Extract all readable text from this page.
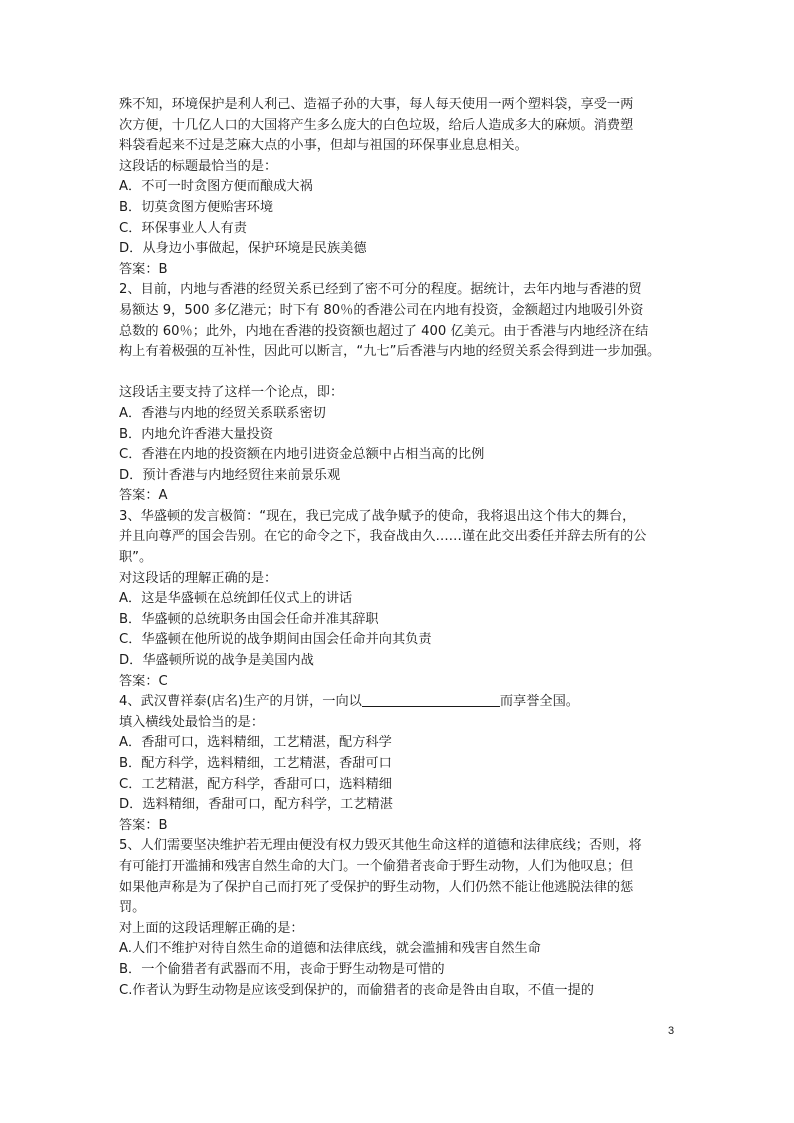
殊不知，环境保护是利人利己、造福子孙的大事，每人每天使用一两个塑料袋，享受一两
次方便，十几亿人口的大国将产生多么庞大的白色垃圾，给后人造成多大的麻烦。消费塑
料袋看起来不过是芝麻大点的小事，但却与祖国的环保事业息息相关。
这段话的标题最恰当的是：
A．不可一时贪图方便而酿成大祸
B．切莫贪图方便贻害环境
C．环保事业人人有责
D．从身边小事做起，保护环境是民族美德
答案：B
2、目前，内地与香港的经贸关系已经到了密不可分的程度。据统计，去年内地与香港的贸
易额达 9，500 多亿港元；时下有 80％的香港公司在内地有投资，金额超过内地吸引外资
总数的 60％；此外，内地在香港的投资额也超过了 400 亿美元。由于香港与内地经济在结
构上有着极强的互补性，因此可以断言，“九七”后香港与内地的经贸关系会得到进一步加强。
这段话主要支持了这样一个论点，即：
A．香港与内地的经贸关系联系密切
B．内地允许香港大量投资
C．香港在内地的投资额在内地引进资金总额中占相当高的比例
D．预计香港与内地经贸往来前景乐观
答案：A
3、华盛顿的发言极简：“现在，我已完成了战争赋予的使命，我将退出这个伟大的舞台，
并且向尊严的国会告别。在它的命令之下，我奋战由久……谨在此交出委任并辞去所有的公
职”。
对这段话的理解正确的是：
A．这是华盛顿在总统卸任仪式上的讲话
B．华盛顿的总统职务由国会任命并准其辞职
C．华盛顿在他所说的战争期间由国会任命并向其负责
D．华盛顿所说的战争是美国内战
答案：C
4、武汉曹祥泰(店名)生产的月饼，一向以	而享誉全国。
填入横线处最恰当的是：
A．香甜可口，选料精细，工艺精湛，配方科学
B．配方科学，选料精细，工艺精湛，香甜可口
C．工艺精湛，配方科学，香甜可口，选料精细
D．选料精细，香甜可口，配方科学，工艺精湛
答案：B
5、人们需要坚决维护若无理由便没有权力毁灭其他生命这样的道德和法律底线；否则，将
有可能打开滥捕和残害自然生命的大门。一个偷猎者丧命于野生动物，人们为他叹息；但
如果他声称是为了保护自己而打死了受保护的野生动物，人们仍然不能让他逃脱法律的惩
罚。
对上面的这段话理解正确的是：
A.人们不维护对待自然生命的道德和法律底线，就会滥捕和残害自然生命
B．一个偷猎者有武器而不用，丧命于野生动物是可惜的
C.作者认为野生动物是应该受到保护的，而偷猎者的丧命是咎由自取，不值一提的
3
